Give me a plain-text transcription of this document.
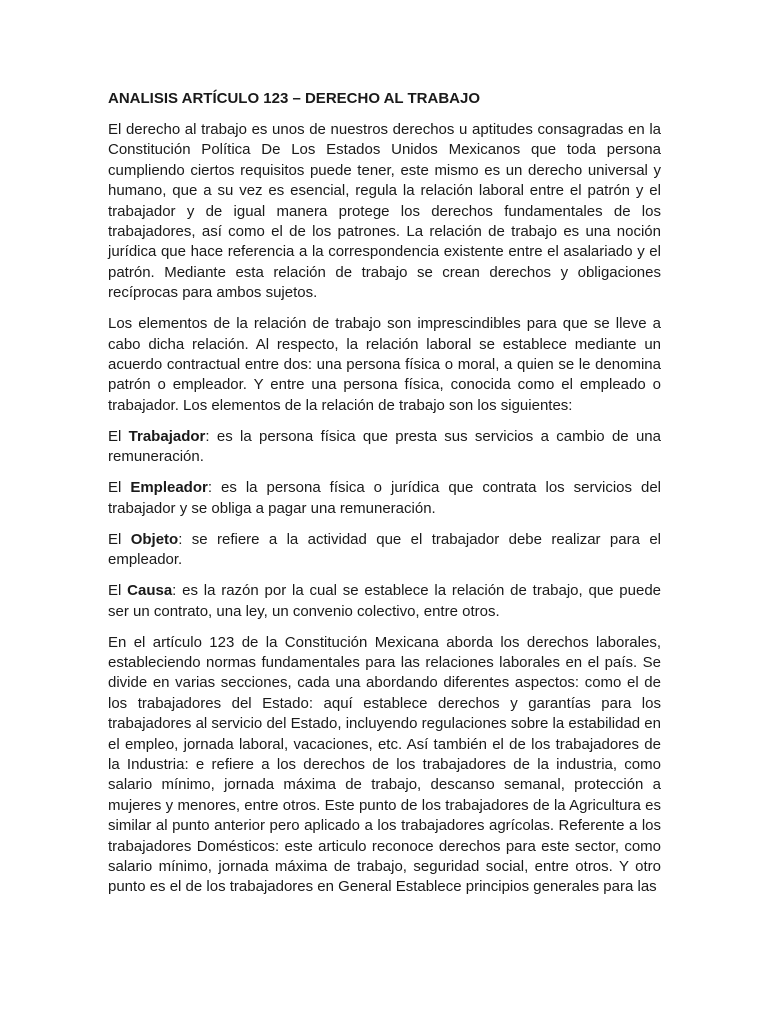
ANALISIS ARTÍCULO 123 – DERECHO AL TRABAJO

El derecho al trabajo es unos de nuestros derechos u aptitudes consagradas en la Constitución Política De Los Estados Unidos Mexicanos que toda persona cumpliendo ciertos requisitos puede tener, este mismo es un derecho universal y humano, que a su vez es esencial, regula la relación laboral entre el patrón y el trabajador y de igual manera protege los derechos fundamentales de los trabajadores, así como el de los patrones. La relación de trabajo es una noción jurídica que hace referencia a la correspondencia existente entre el asalariado y el patrón. Mediante esta relación de trabajo se crean derechos y obligaciones recíprocas para ambos sujetos.

Los elementos de la relación de trabajo son imprescindibles para que se lleve a cabo dicha relación. Al respecto, la relación laboral se establece mediante un acuerdo contractual entre dos: una persona física o moral, a quien se le denomina patrón o empleador. Y entre una persona física, conocida como el empleado o trabajador. Los elementos de la relación de trabajo son los siguientes:

El Trabajador: es la persona física que presta sus servicios a cambio de una remuneración.

El Empleador: es la persona física o jurídica que contrata los servicios del trabajador y se obliga a pagar una remuneración.

El Objeto: se refiere a la actividad que el trabajador debe realizar para el empleador.

El Causa: es la razón por la cual se establece la relación de trabajo, que puede ser un contrato, una ley, un convenio colectivo, entre otros.

En el artículo 123 de la Constitución Mexicana aborda los derechos laborales, estableciendo normas fundamentales para las relaciones laborales en el país. Se divide en varias secciones, cada una abordando diferentes aspectos: como el de los trabajadores del Estado: aquí establece derechos y garantías para los trabajadores al servicio del Estado, incluyendo regulaciones sobre la estabilidad en el empleo, jornada laboral, vacaciones, etc. Así también el de los trabajadores de la Industria: e refiere a los derechos de los trabajadores de la industria, como salario mínimo, jornada máxima de trabajo, descanso semanal, protección a mujeres y menores, entre otros. Este punto de los trabajadores de la Agricultura es similar al punto anterior pero aplicado a los trabajadores agrícolas. Referente a los trabajadores Domésticos: este articulo reconoce derechos para este sector, como salario mínimo, jornada máxima de trabajo, seguridad social, entre otros. Y otro punto es el de los trabajadores en General Establece principios generales para las
